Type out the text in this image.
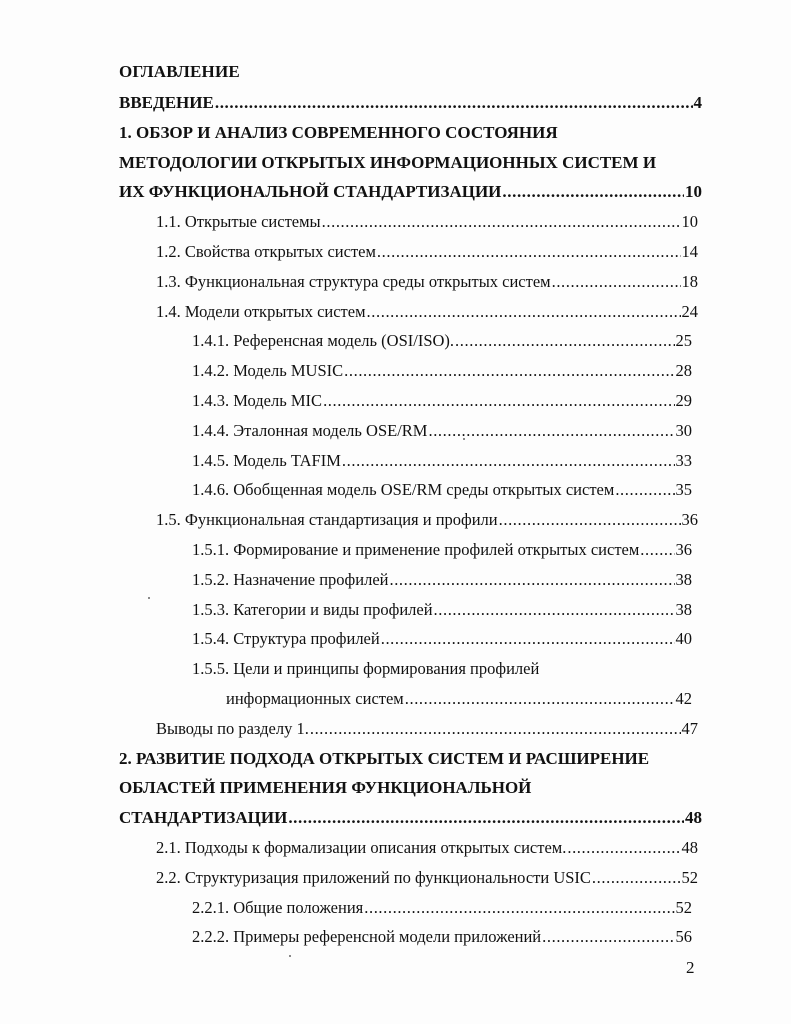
ОГЛАВЛЕНИЕ
ВВЕДЕНИЕ .....	4
1. ОБЗОР И АНАЛИЗ СОВРЕМЕННОГО СОСТОЯНИЯ
МЕТОДОЛОГИИ ОТКРЫТЫХ ИНФОРМАЦИОННЫХ СИСТЕМ И
ИХ ФУНКЦИОНАЛЬНОЙ СТАНДАРТИЗАЦИИ .....	10
1.1. Открытые системы .....	10
1.2. Свойства открытых систем .....	14
1.3. Функциональная структура среды открытых систем .....	18
1.4. Модели открытых систем .....	24
1.4.1. Референсная модель (OSI/ISO). .....	25
1.4.2. Модель MUSIC .....	28
1.4.3. Модель MIC .....	29
1.4.4. Эталонная модель OSE/RM .....	30
1.4.5. Модель TAFIM .....	33
1.4.6. Обобщенная модель OSE/RM среды открытых систем .....	35
1.5. Функциональная стандартизация и профили .....	36
1.5.1. Формирование и применение профилей открытых систем ..... 36
1.5.2. Назначение профилей .....	38
1.5.3. Категории и виды профилей .....	38
1.5.4. Структура профилей .....	40
1.5.5. Цели и принципы формирования профилей
информационных систем .....	42
Выводы по разделу 1. .....	47
2. РАЗВИТИЕ ПОДХОДА ОТКРЫТЫХ СИСТЕМ И РАСШИРЕНИЕ
ОБЛАСТЕЙ ПРИМЕНЕНИЯ ФУНКЦИОНАЛЬНОЙ
СТАНДАРТИЗАЦИИ .....	48
2.1. Подходы к формализации описания открытых систем. .....	48
2.2. Структуризация приложений по функциональности USIC .....	52
2.2.1. Общие положения .....	52
2.2.2. Примеры референсной модели приложений .....	56
2
